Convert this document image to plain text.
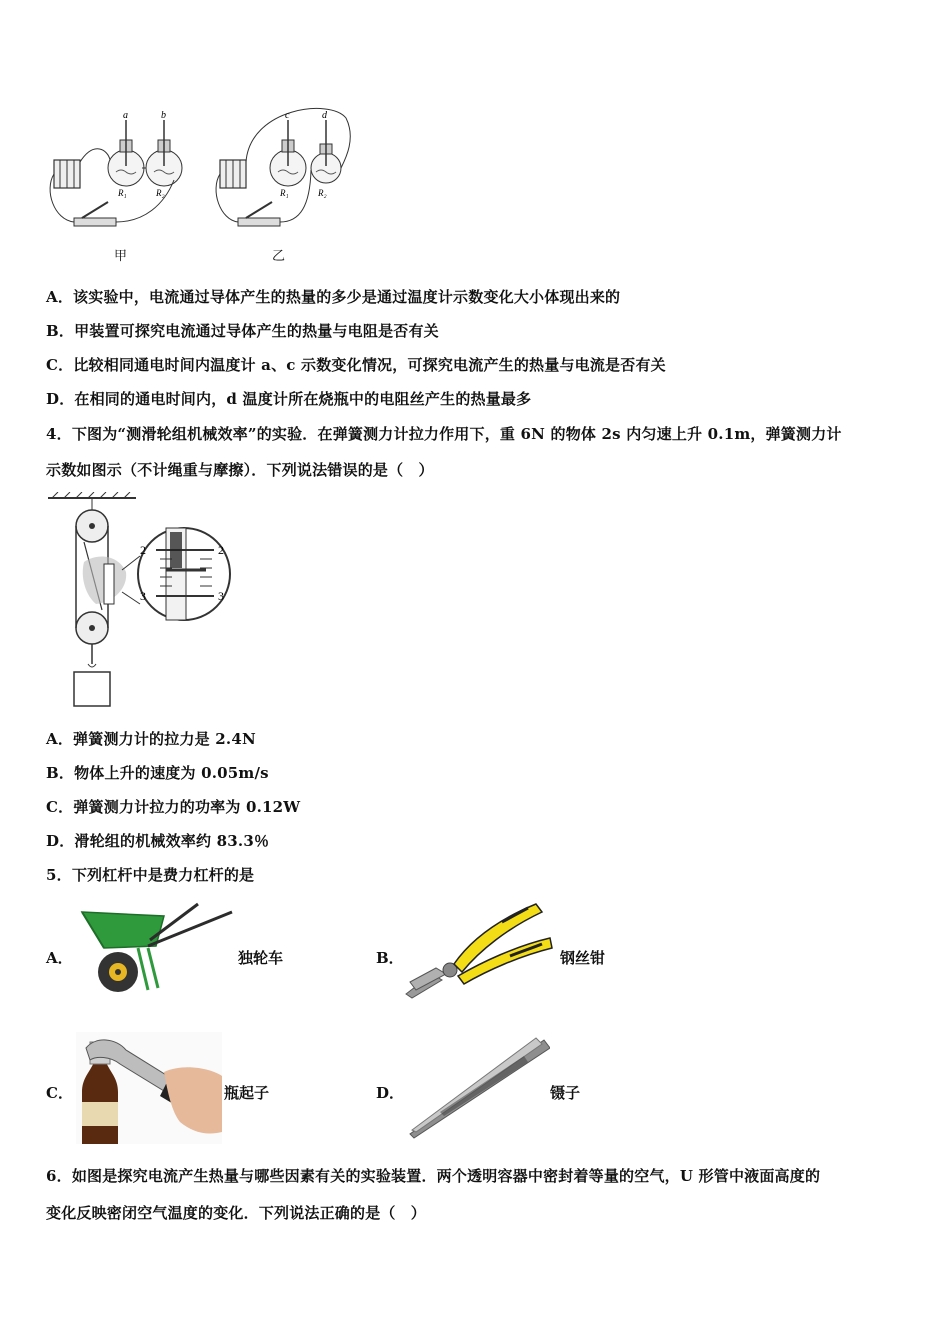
a	b
R₁	R₂
甲
c	d
R₁	R₂
乙
A．该实验中，电流通过导体产生的热量的多少是通过温度计示数变化大小体现出来的
B．甲装置可探究电流通过导体产生的热量与电阻是否有关
C．比较相同通电时间内温度计 a、c 示数变化情况，可探究电流产生的热量与电流是否有关
D．在相同的通电时间内，d 温度计所在烧瓶中的电阻丝产生的热量最多
4．下图为“测滑轮组机械效率”的实验．在弹簧测力计拉力作用下，重 6N 的物体 2s 内匀速上升 0.1m，弹簧测力计
示数如图示（不计绳重与摩擦）．下列说法错误的是（　）
2	2
3	3
A．弹簧测力计的拉力是 2.4N
B．物体上升的速度为 0.05m/s
C．弹簧测力计拉力的功率为 0.12W
D．滑轮组的机械效率约 83.3％
5．下列杠杆中是费力杠杆的是
A．	独轮车	B．	钢丝钳
C．	瓶起子	D．	镊子
6．如图是探究电流产生热量与哪些因素有关的实验装置．两个透明容器中密封着等量的空气，U 形管中液面高度的
变化反映密闭空气温度的变化．下列说法正确的是（　）
